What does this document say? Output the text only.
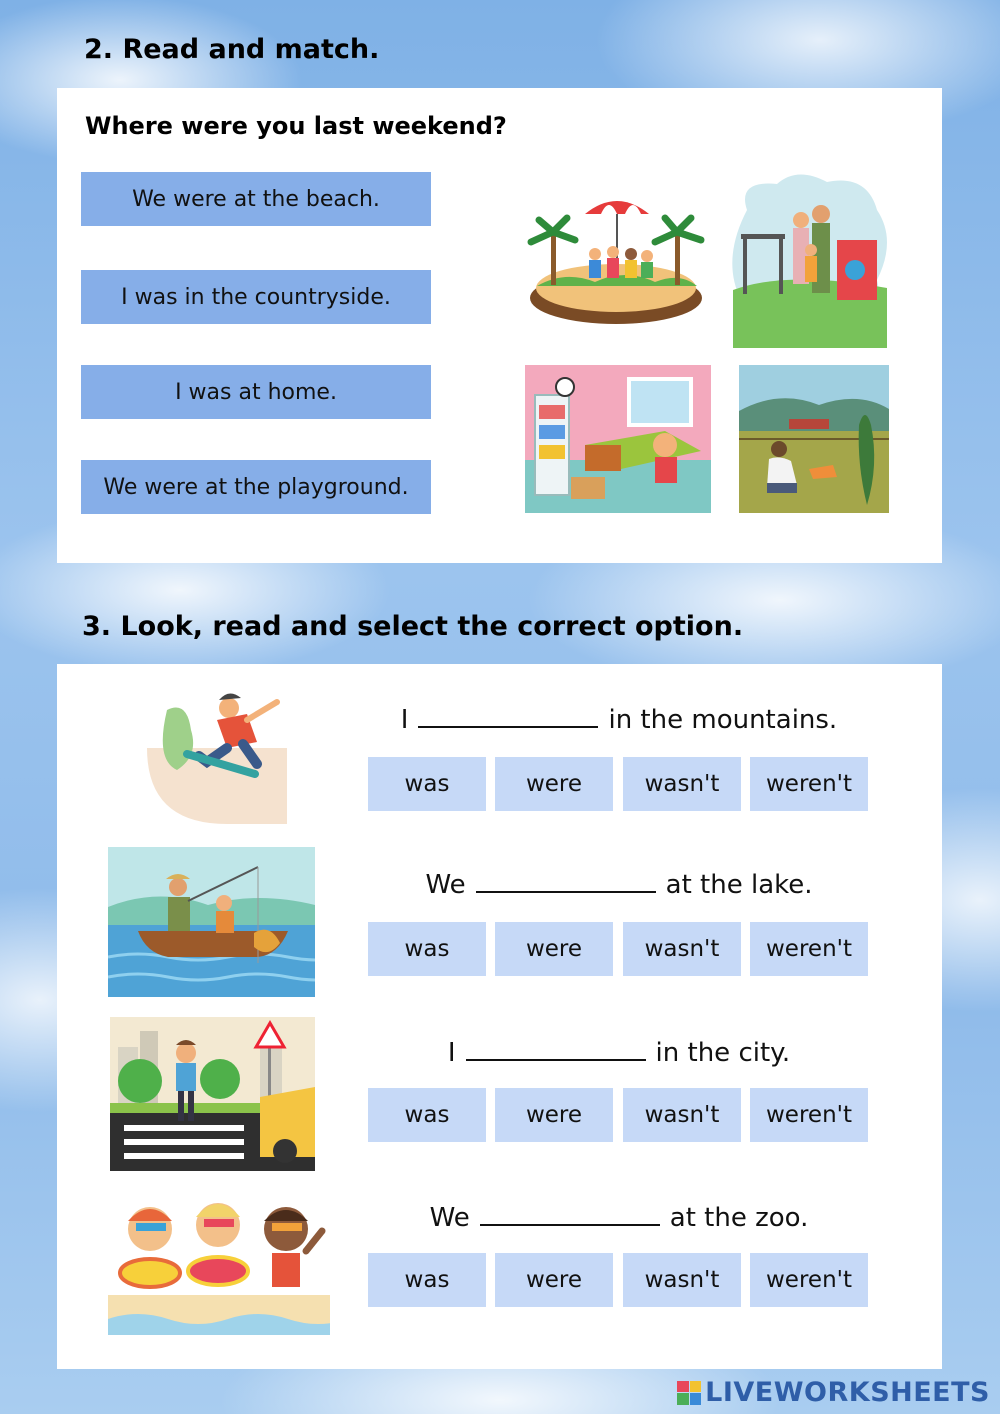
2. Read and match.
Where were you last weekend?
We were at the beach.
I was in the countryside.
I was at home.
We were at the playground.
3. Look, read and select the correct option.

I	in the mountains.

was	were	wasn't	weren't

We	at the lake.

was	were	wasn't	weren't

I	in the city.

was	were	wasn't	weren't

We	at the zoo.

was	were	wasn't	weren't
LIVEWORKSHEETS
